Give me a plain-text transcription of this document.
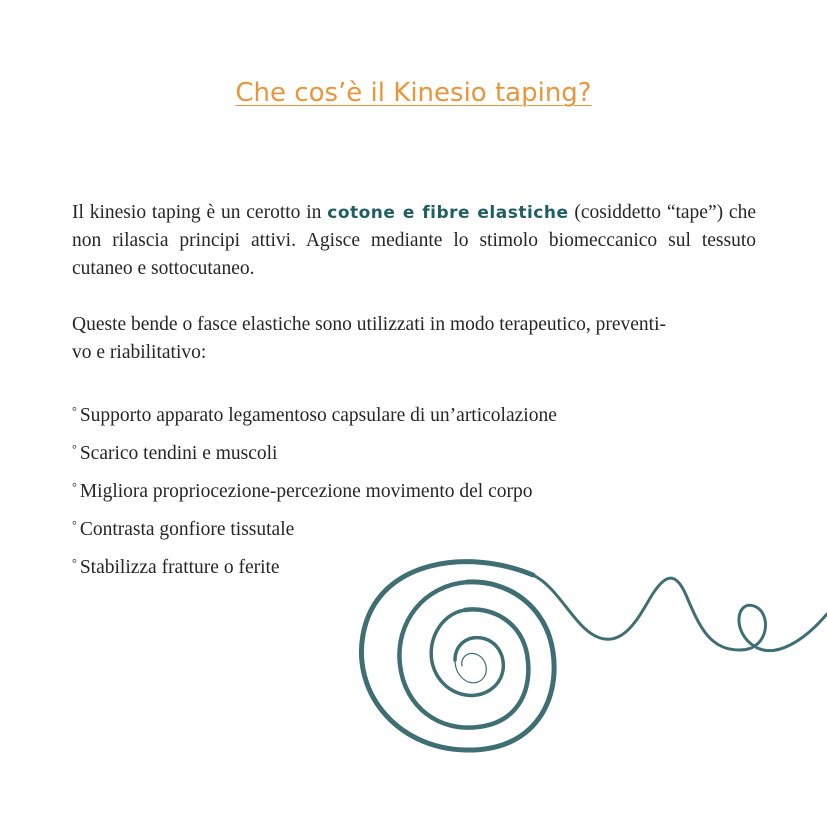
Che cos’è il Kinesio taping?
Il kinesio taping è un cerotto in cotone e fibre elastiche (cosiddetto “tape”) che non rilascia principi attivi. Agisce mediante lo stimolo biomeccanico sul tessuto cutaneo e sottocutaneo.
Queste bende o fasce elastiche sono utilizzati in modo terapeutico, preventi-
vo e riabilitativo:
° Supporto apparato legamentoso capsulare di un’articolazione
° Scarico tendini e muscoli
° Migliora propriocezione-percezione movimento del corpo
° Contrasta gonfiore tissutale
° Stabilizza fratture o ferite
